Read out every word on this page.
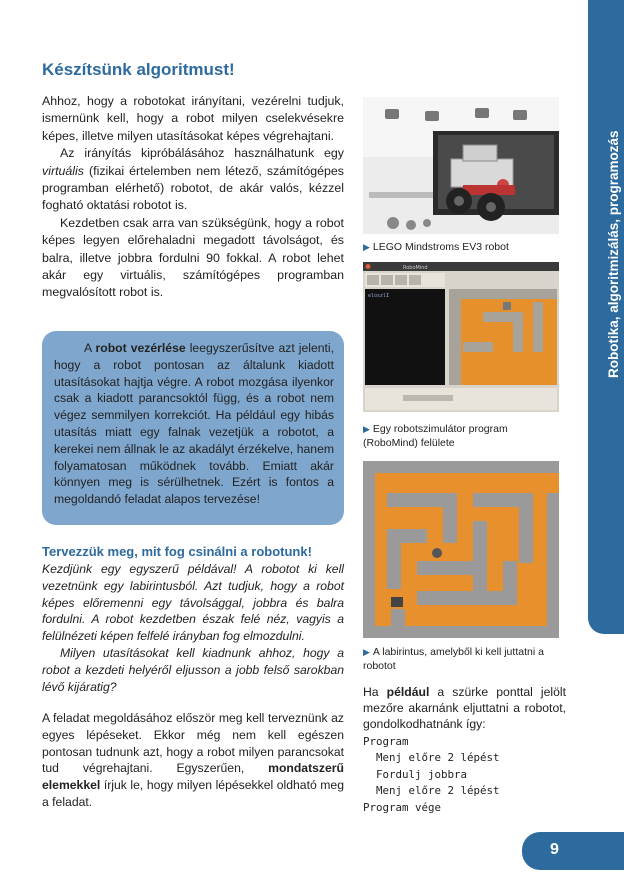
Robotika, algoritmizálás, programozás
Készítsünk algoritmust!

Ahhoz, hogy a robotokat irányítani, vezérelni tudjuk, ismernünk kell, hogy a robot milyen cselekvésekre képes, illetve milyen utasításokat képes végrehajtani.

Az irányítás kipróbálásához használhatunk egy virtuális (fizikai értelemben nem létező, számítógépes programban elérhető) robotot, de akár valós, kézzel fogható oktatási robotot is.

Kezdetben csak arra van szükségünk, hogy a robot képes legyen előrehaladni megadott távolságot, és balra, illetve jobbra fordulni 90 fokkal. A robot lehet akár egy virtuális, számítógépes programban megvalósított robot is.

A robot vezérlése leegyszerűsítve azt jelenti, hogy a robot pontosan az általunk kiadott utasításokat hajtja végre. A robot mozgása ilyenkor csak a kiadott parancsoktól függ, és a robot nem végez semmilyen korrekciót. Ha például egy hibás utasítás miatt egy falnak vezetjük a robotot, a kerekei nem állnak le az akadályt érzékelve, hanem folyamatosan működnek tovább. Emiatt akár könnyen meg is sérülhetnek. Ezért is fontos a megoldandó feladat alapos tervezése!
Tervezzük meg, mit fog csinálni a robotunk!

Kezdjünk egy egyszerű példával! A robotot ki kell vezetnünk egy labirintusból. Azt tudjuk, hogy a robot képes előremenni egy távolsággal, jobbra és balra fordulni. A robot kezdetben észak felé néz, vagyis a felülnézeti képen felfelé irányban fog elmozdulni.

Milyen utasításokat kell kiadnunk ahhoz, hogy a robot a kezdeti helyéről eljusson a jobb felső sarokban lévő kijáratig?

A feladat megoldásához először meg kell terveznünk az egyes lépéseket. Ekkor még nem kell egészen pontosan tudnunk azt, hogy a robot milyen parancsokat tud végrehajtani. Egyszerűen, mondatszerű elemekkel írjuk le, hogy milyen lépésekkel oldható meg a feladat.
▶ LEGO Mindstroms EV3 robot
RoboMind
eloszlI
▶ Egy robotszimulátor program (RoboMind) felülete
▶ A labirintus, amelyből ki kell juttatni a robotot
Ha például a szürke ponttal jelölt mezőre akarnánk eljuttatni a robotot, gondolkodhatnánk így:
Program
Menj előre 2 lépést
Fordulj jobbra
Menj előre 2 lépést
Program vége
9
